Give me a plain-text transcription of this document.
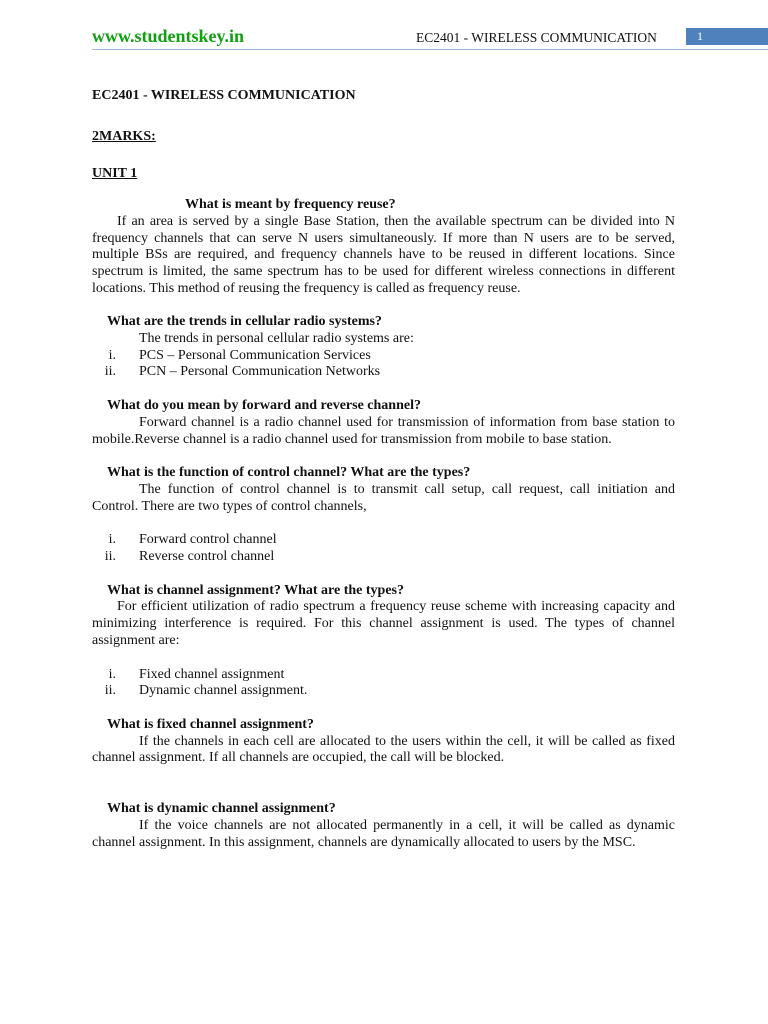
www.studentskey.in	EC2401 - WIRELESS COMMUNICATION	1

EC2401 - WIRELESS COMMUNICATION

2MARKS:

UNIT 1

What is meant by frequency reuse?

If an area is served by a single Base Station, then the available spectrum can be divided into N frequency channels that can serve N users simultaneously. If more than N users are to be served, multiple BSs are required, and frequency channels have to be reused in different locations. Since spectrum is limited, the same spectrum has to be used for different wireless connections in different locations. This method of reusing the frequency is called as frequency reuse.

What are the trends in cellular radio systems?

The trends in personal cellular radio systems are:

i. PCS – Personal Communication Services
ii. PCN – Personal Communication Networks

What do you mean by forward and reverse channel?

Forward channel is a radio channel used for transmission of information from base station to mobile.Reverse channel is a radio channel used for transmission from mobile to base station.

What is the function of control channel? What are the types?

The function of control channel is to transmit call setup, call request, call initiation and Control. There are two types of control channels,

i. Forward control channel
ii. Reverse control channel

What is channel assignment? What are the types?

For efficient utilization of radio spectrum a frequency reuse scheme with increasing capacity and minimizing interference is required. For this channel assignment is used. The types of channel assignment are:

i. Fixed channel assignment
ii. Dynamic channel assignment.

What is fixed channel assignment?

If the channels in each cell are allocated to the users within the cell, it will be called as fixed channel assignment. If all channels are occupied, the call will be blocked.

What is dynamic channel assignment?

If the voice channels are not allocated permanently in a cell, it will be called as dynamic channel assignment. In this assignment, channels are dynamically allocated to users by the MSC.
